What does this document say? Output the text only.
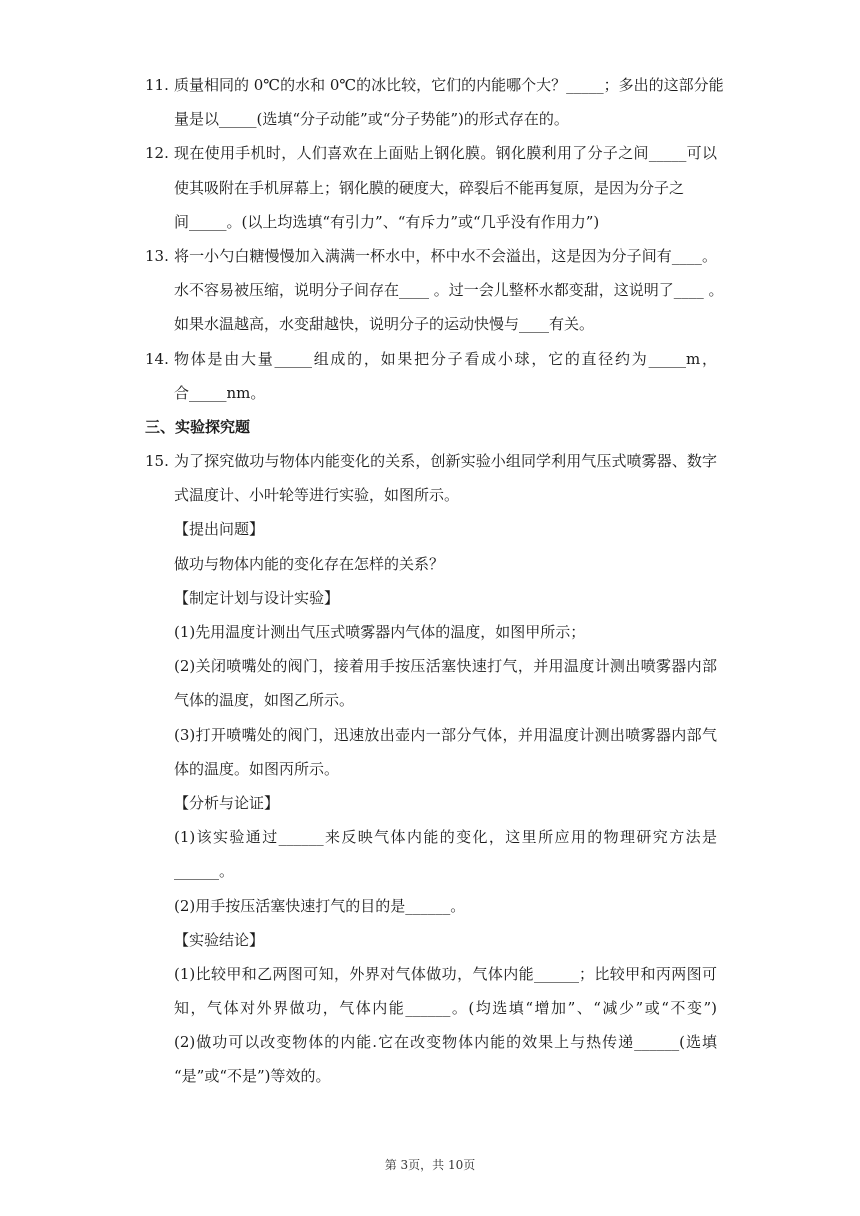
11. 质量相同的 0℃的水和 0℃的冰比较，它们的内能哪个大？_____；多出的这部分能
量是以_____(选填“分子动能”或“分子势能”)的形式存在的。
12. 现在使用手机时，人们喜欢在上面贴上钢化膜。钢化膜利用了分子之间_____可以
使其吸附在手机屏幕上；钢化膜的硬度大，碎裂后不能再复原，是因为分子之
间_____。(以上均选填“有引力”、“有斥力”或“几乎没有作用力”)
13. 将一小勺白糖慢慢加入满满一杯水中，杯中水不会溢出，这是因为分子间有____。
水不容易被压缩，说明分子间存在____ 。过一会儿整杯水都变甜，这说明了____ 。
如果水温越高，水变甜越快，说明分子的运动快慢与____有关。
14. 物体是由大量_____组成的，如果把分子看成小球，它的直径约为_____m，
合_____nm。
三、实验探究题
15. 为了探究做功与物体内能变化的关系，创新实验小组同学利用气压式喷雾器、数字
式温度计、小叶轮等进行实验，如图所示。
【提出问题】
做功与物体内能的变化存在怎样的关系？
【制定计划与设计实验】
(1)先用温度计测出气压式喷雾器内气体的温度，如图甲所示；
(2)关闭喷嘴处的阀门，接着用手按压活塞快速打气，并用温度计测出喷雾器内部
气体的温度，如图乙所示。
(3)打开喷嘴处的阀门，迅速放出壶内一部分气体，并用温度计测出喷雾器内部气
体的温度。如图丙所示。
【分析与论证】
(1)该实验通过______来反映气体内能的变化，这里所应用的物理研究方法是
______。
(2)用手按压活塞快速打气的目的是______。
【实验结论】
(1)比较甲和乙两图可知，外界对气体做功，气体内能______；比较甲和丙两图可
知，气体对外界做功，气体内能______。(均选填“增加”、“减少”或“不变”)
(2)做功可以改变物体的内能.它在改变物体内能的效果上与热传递______(选填
“是”或“不是”)等效的。
第 3页，共 10页
